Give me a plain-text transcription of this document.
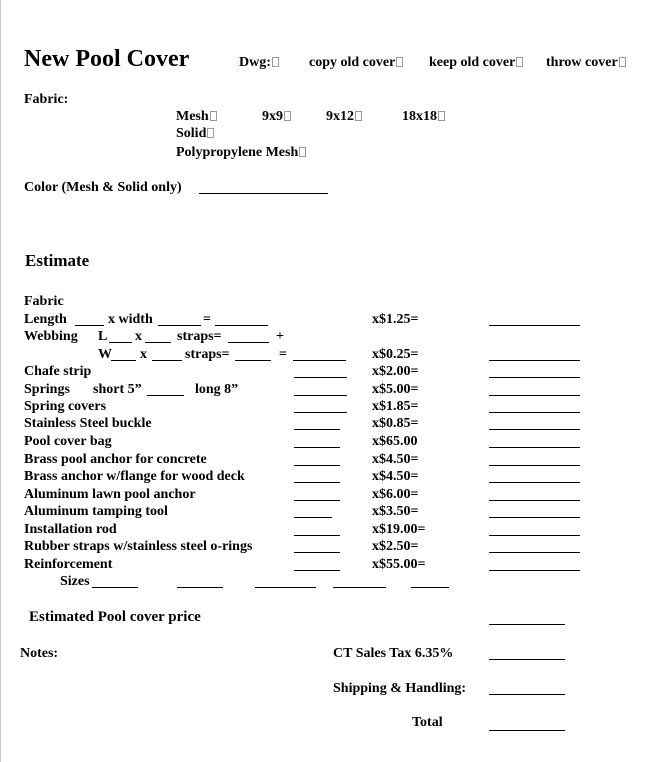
New Pool Cover	Dwg:	copy old cover	keep old cover	throw cover
Fabric:
Mesh	9x9	9x12	18x18
Solid
Polypropylene Mesh
Color (Mesh & Solid only)
Estimate
Fabric
Length	x width	=	x$1.25=
Webbing L x	straps=	+
W x	straps=	=	x$0.25=
Chafe strip	x$2.00=
Springs short 5”	long 8”	x$5.00=
Spring covers	x$1.85=
Stainless Steel buckle	x$0.85=
Pool cover bag	x$65.00
Brass pool anchor for concrete	x$4.50=
Brass anchor w/flange for wood deck	x$4.50=
Aluminum lawn pool anchor	x$6.00=
Aluminum tamping tool	x$3.50=
Installation rod	x$19.00=
Rubber straps w/stainless steel o-rings	x$2.50=
Reinforcement	x$55.00=
Sizes
Estimated Pool cover price
Notes:	CT Sales Tax 6.35%
Shipping & Handling:
Total
